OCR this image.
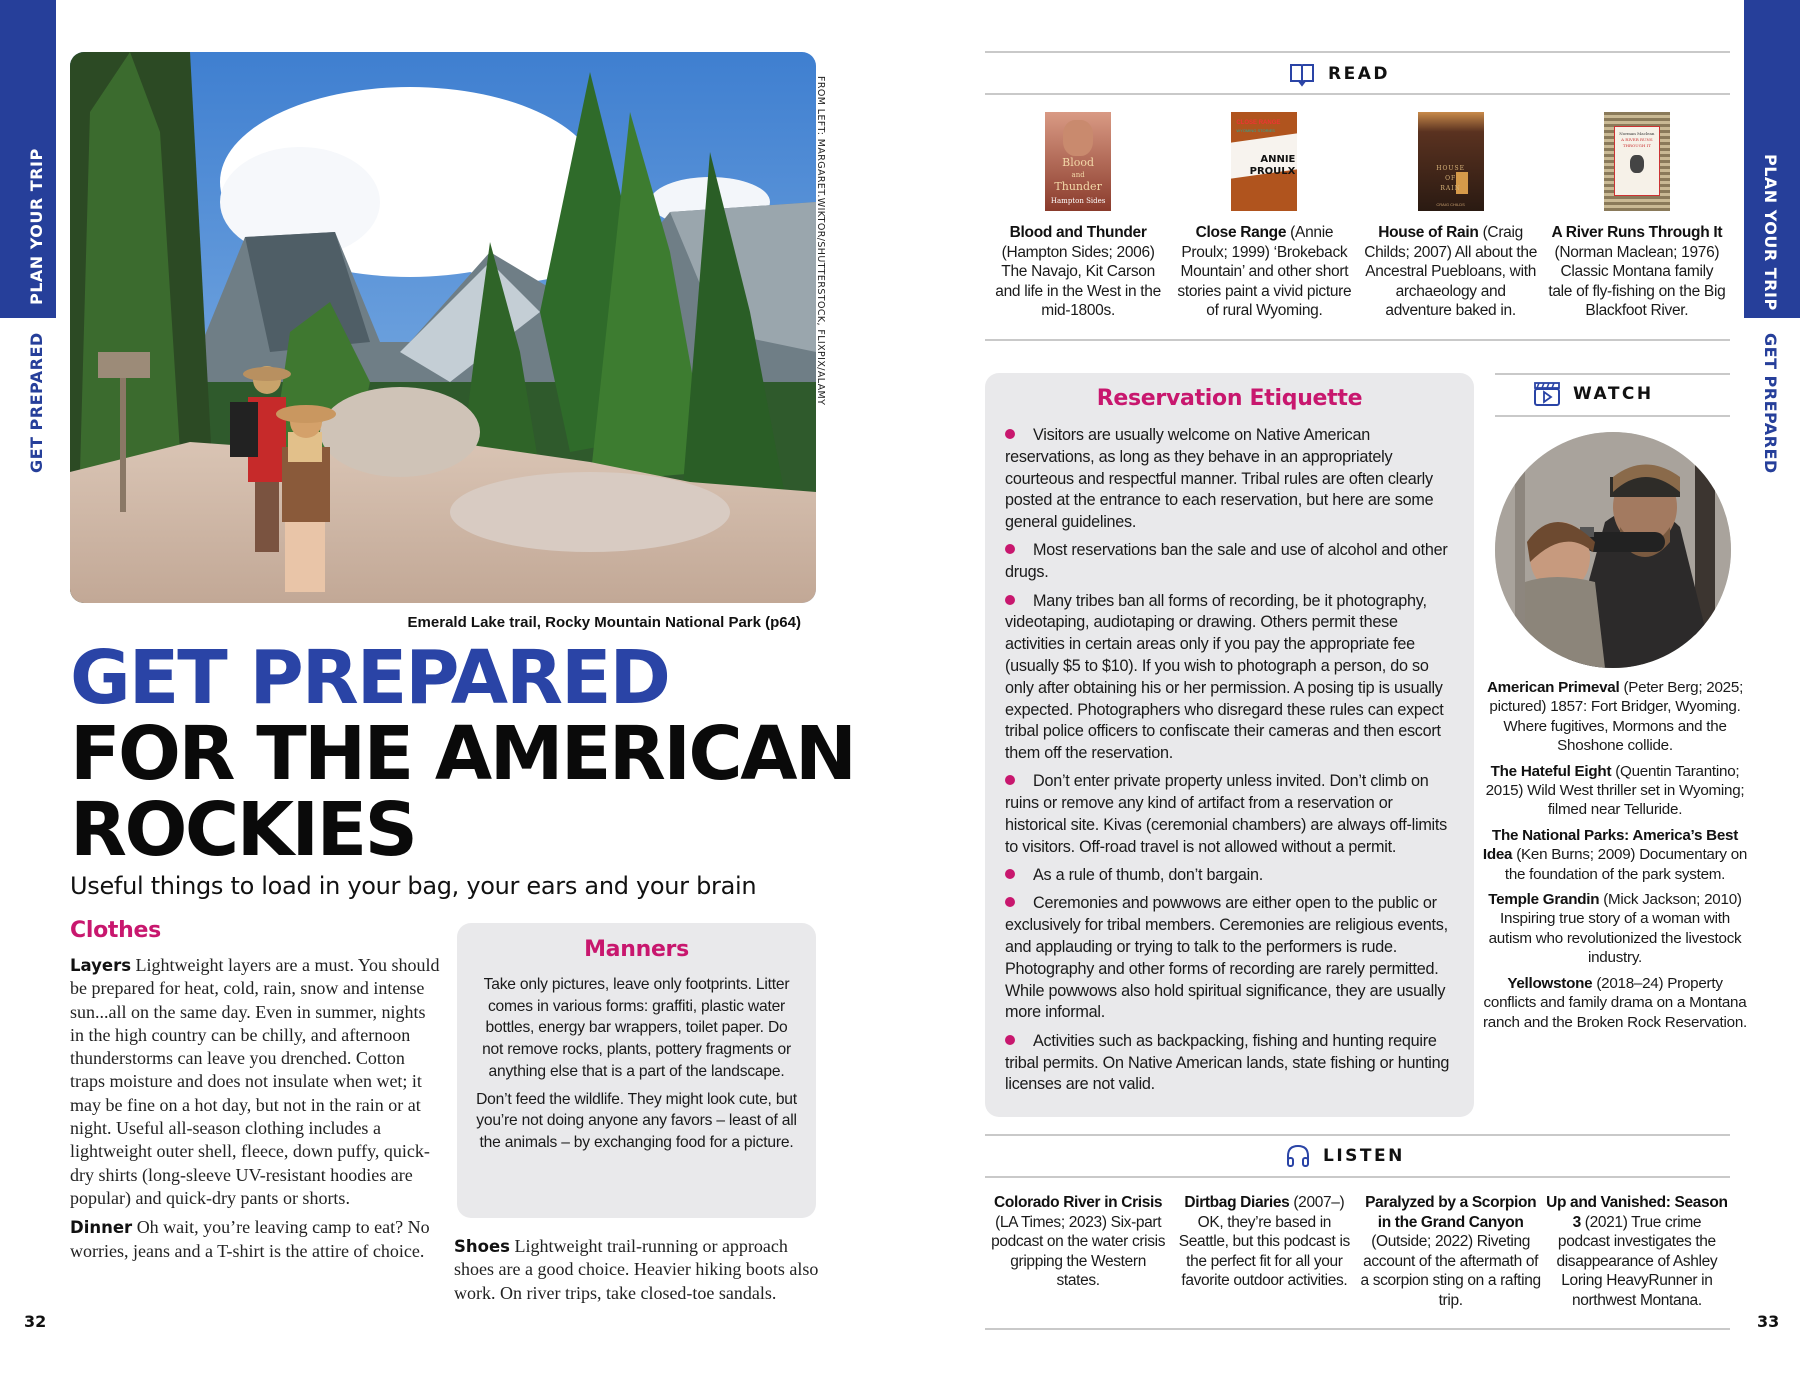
PLAN YOUR TRIP
GET PREPARED
PLAN YOUR TRIP
GET PREPARED
FROM LEFT: MARGARET.WIKTOR/SHUTTERSTOCK, FLIXPIX/ALAMY
Emerald Lake trail, Rocky Mountain National Park (p64)
GET PREPARED
FOR THE AMERICAN
ROCKIES
Useful things to load in your bag, your ears and your brain
Clothes

Layers Lightweight layers are a must. You should be prepared for heat, cold, rain, snow and intense sun...all on the same day. Even in summer, nights in the high country can be chilly, and afternoon thunderstorms can leave you drenched. Cotton traps moisture and does not insulate when wet; it may be fine on a hot day, but not in the rain or at night. Useful all-season clothing includes a lightweight outer shell, fleece, down puffy, quick-dry shirts (long-sleeve UV-resistant hoodies are popular) and quick-dry pants or shorts.

Dinner Oh wait, you’re leaving camp to eat? No worries, jeans and a T-shirt is the attire of choice.

Manners

Take only pictures, leave only footprints. Litter comes in various forms: graffiti, plastic water bottles, energy bar wrappers, toilet paper. Do not remove rocks, plants, pottery fragments or anything else that is a part of the landscape.

Don’t feed the wildlife. They might look cute, but you’re not doing anyone any favors – least of all the animals – by exchanging food for a picture.

Shoes Lightweight trail-running or approach shoes are a good choice. Heavier hiking boots also work. On river trips, take closed-toe sandals.

32
READ
Blood
and
Thunder
Hampton Sides
Blood and Thunder (Hampton Sides; 2006) The Navajo, Kit Carson and life in the West in the mid-1800s.
CLOSE RANGE
WYOMING STORIES
ANNIE
PROULX
Close Range (Annie Proulx; 1999) ‘Brokeback Mountain’ and other short stories paint a vivid picture of rural Wyoming.
HOUSE
OF
RAIN
CRAIG CHILDS
House of Rain (Craig Childs; 2007) All about the Ancestral Puebloans, with archaeology and adventure baked in.
Norman Maclean
A RIVER RUNS
THROUGH IT
A River Runs Through It (Norman Maclean; 1976) Classic Montana family tale of fly-fishing on the Big Blackfoot River.
Reservation Etiquette
Visitors are usually welcome on Native American reservations, as long as they behave in an appropriately courteous and respectful manner. Tribal rules are often clearly posted at the entrance to each reservation, but here are some general guidelines.
Most reservations ban the sale and use of alcohol and other drugs.
Many tribes ban all forms of recording, be it photography, videotaping, audiotaping or drawing. Others permit these activities in certain areas only if you pay the appropriate fee (usually $5 to $10). If you wish to photograph a person, do so only after obtaining his or her permission. A posing tip is usually expected. Photographers who disregard these rules can expect tribal police officers to confiscate their cameras and then escort them off the reservation.
Don’t enter private property unless invited. Don’t climb on ruins or remove any kind of artifact from a reservation or historical site. Kivas (ceremonial chambers) are always off-limits to visitors. Off-road travel is not allowed without a permit.
As a rule of thumb, don’t bargain.
Ceremonies and powwows are either open to the public or exclusively for tribal members. Ceremonies are religious events, and applauding or trying to talk to the performers is rude. Photography and other forms of recording are rarely permitted. While powwows also hold spiritual significance, they are usually more informal.
Activities such as backpacking, fishing and hunting require tribal permits. On Native American lands, state fishing or hunting licenses are not valid.
WATCH

American Primeval (Peter Berg; 2025; pictured) 1857: Fort Bridger, Wyoming. Where fugitives, Mormons and the Shoshone collide.

The Hateful Eight (Quentin Tarantino; 2015) Wild West thriller set in Wyoming; filmed near Telluride.

The National Parks: America’s Best Idea (Ken Burns; 2009) Documentary on the foundation of the park system.

Temple Grandin (Mick Jackson; 2010) Inspiring true story of a woman with autism who revolutionized the livestock industry.

Yellowstone (2018–24) Property conflicts and family drama on a Montana ranch and the Broken Rock Reservation.

LISTEN
Colorado River in Crisis (LA Times; 2023) Six-part podcast on the water crisis gripping the Western states.
Dirtbag Diaries (2007–) OK, they’re based in Seattle, but this podcast is the perfect fit for all your favorite outdoor activities.
Paralyzed by a Scorpion in the Grand Canyon (Outside; 2022) Riveting account of the aftermath of a scorpion sting on a rafting trip.
Up and Vanished: Season 3 (2021) True crime podcast investigates the disappearance of Ashley Loring HeavyRunner in northwest Montana.
33
